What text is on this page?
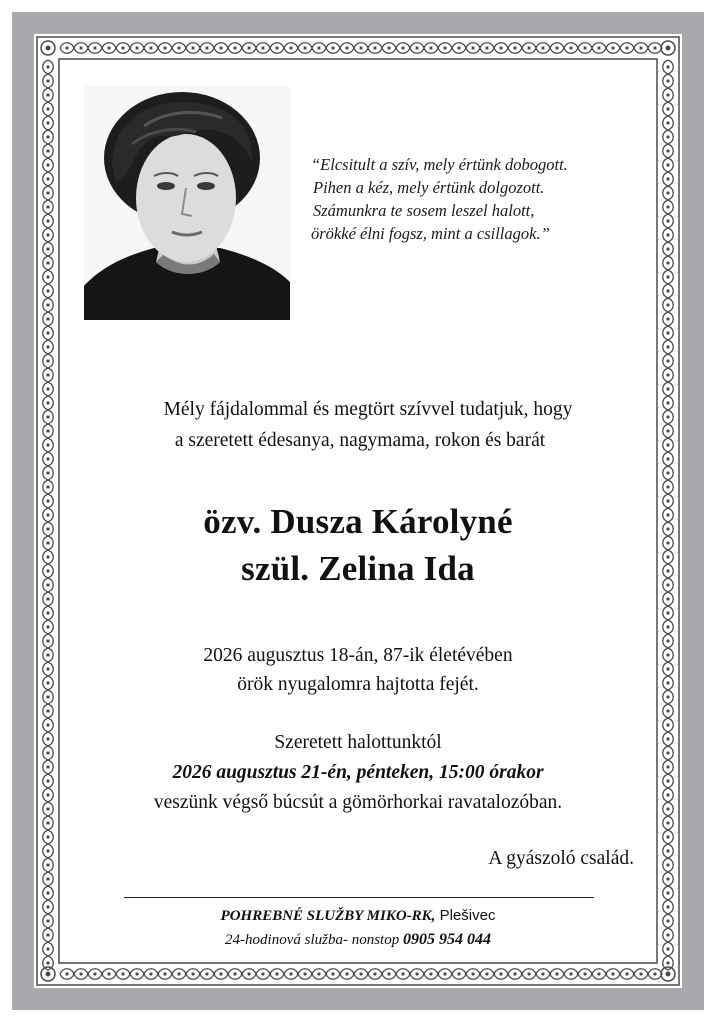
“Elcsitult a szív, mely értünk dobogott.
Pihen a kéz, mely értünk dolgozott.
Számunkra te sosem leszel halott,
örökké élni fogsz, mint a csillagok.”
Mély fájdalommal és megtört szívvel tudatjuk, hogy
a szeretett édesanya, nagymama, rokon és barát
özv. Dusza Károlyné
szül. Zelina Ida
2026 augusztus 18-án, 87-ik életévében
örök nyugalomra hajtotta fejét.
Szeretett halottunktól
2026 augusztus 21-én, pénteken, 15:00 órakor
veszünk végső búcsút a gömörhorkai ravatalozóban.
A gyászoló család.
POHREBNÉ SLUŽBY MIKO-RK, Plešivec
24-hodinová služba- nonstop 0905 954 044
